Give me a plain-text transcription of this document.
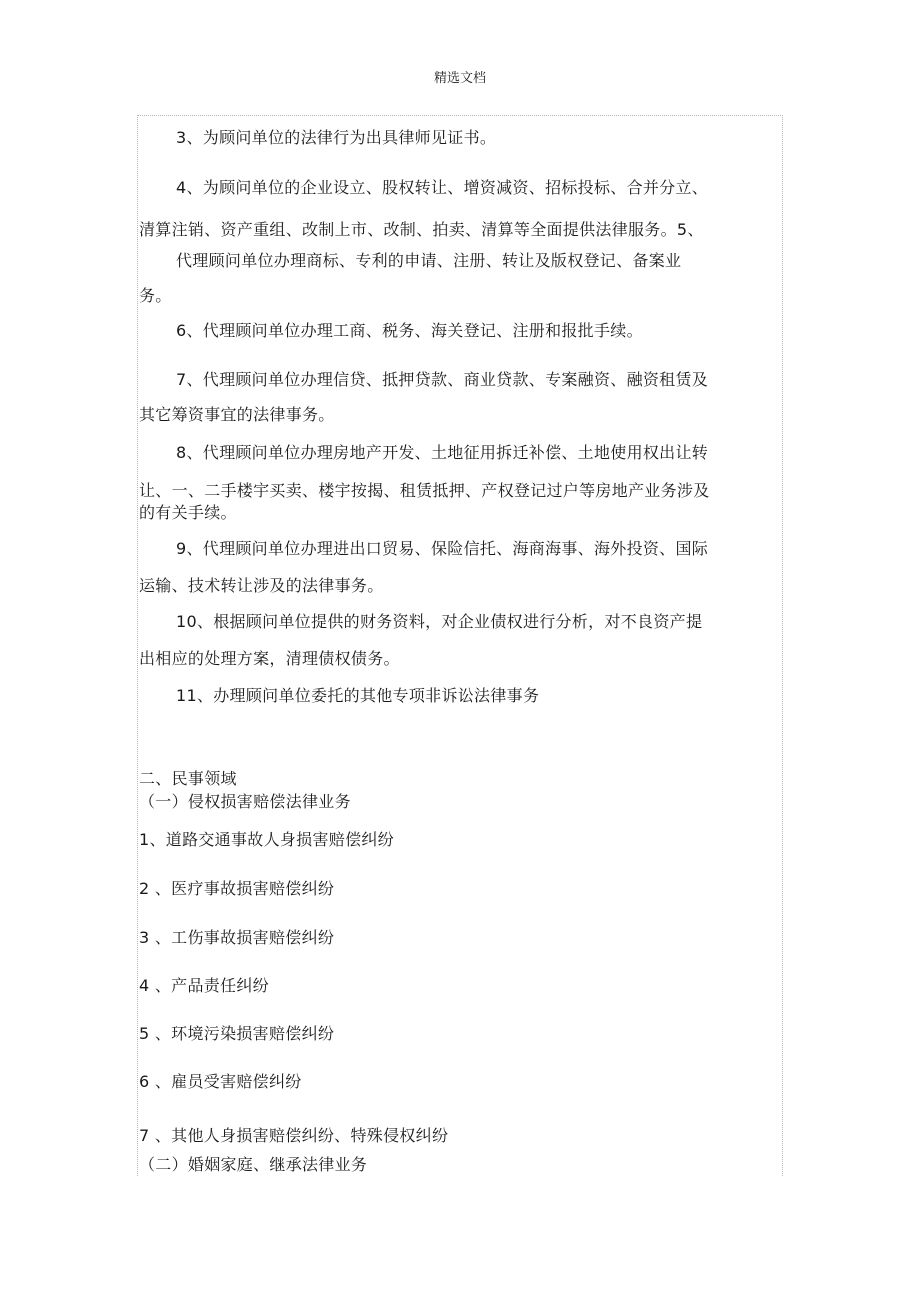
精选文档
3、为顾问单位的法律行为出具律师见证书。
4、为顾问单位的企业设立、股权转让、增资减资、招标投标、合并分立、
清算注销、资产重组、改制上市、改制、拍卖、清算等全面提供法律服务。5、
代理顾问单位办理商标、专利的申请、注册、转让及版权登记、备案业
务。
6、代理顾问单位办理工商、税务、海关登记、注册和报批手续。
7、代理顾问单位办理信贷、抵押贷款、商业贷款、专案融资、融资租赁及
其它筹资事宜的法律事务。
8、代理顾问单位办理房地产开发、土地征用拆迁补偿、土地使用权出让转
让、一、二手楼宇买卖、楼宇按揭、租赁抵押、产权登记过户等房地产业务涉及
的有关手续。
9、代理顾问单位办理进出口贸易、保险信托、海商海事、海外投资、国际
运输、技术转让涉及的法律事务。
10、根据顾问单位提供的财务资料，对企业债权进行分析，对不良资产提
出相应的处理方案，清理债权债务。
11、办理顾问单位委托的其他专项非诉讼法律事务
二、民事领域
（一）侵权损害赔偿法律业务
1、道路交通事故人身损害赔偿纠纷
2 、医疗事故损害赔偿纠纷
3 、工伤事故损害赔偿纠纷
4 、产品责任纠纷
5 、环境污染损害赔偿纠纷
6 、雇员受害赔偿纠纷
7 、其他人身损害赔偿纠纷、特殊侵权纠纷
（二）婚姻家庭、继承法律业务
